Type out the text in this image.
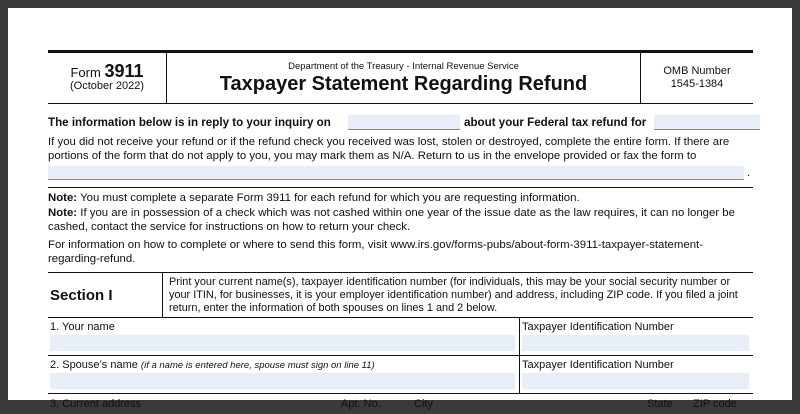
Form 3911
(October 2022)
Department of the Treasury - Internal Revenue Service
Taxpayer Statement Regarding Refund
OMB Number
1545-1384
The information below is in reply to your inquiry on	about your Federal tax refund for

If you did not receive your refund or if the refund check you received was lost, stolen or destroyed, complete the entire form. If there are portions of the form that do not apply to you, you may mark them as N/A. Return to us in the envelope provided or fax the form to

.

Note: You must complete a separate Form 3911 for each refund for which you are requesting information.

Note: If you are in possession of a check which was not cashed within one year of the issue date as the law requires, it can no longer be cashed, contact the service for instructions on how to return your check.

For information on how to complete or where to send this form, visit www.irs.gov/forms-pubs/about-form-3911-taxpayer-statement-regarding-refund.

Section I
Print your current name(s), taxpayer identification number (for individuals, this may be your social security number or your ITIN, for businesses, it is your employer identification number) and address, including ZIP code. If you filed a joint return, enter the information of both spouses on lines 1 and 2 below.
1. Your name	Taxpayer Identification Number
2. Spouse’s name (if a name is entered here, spouse must sign on line 11)	Taxpayer Identification Number
3. Current address	Apt. No.	City	State ZIP code
